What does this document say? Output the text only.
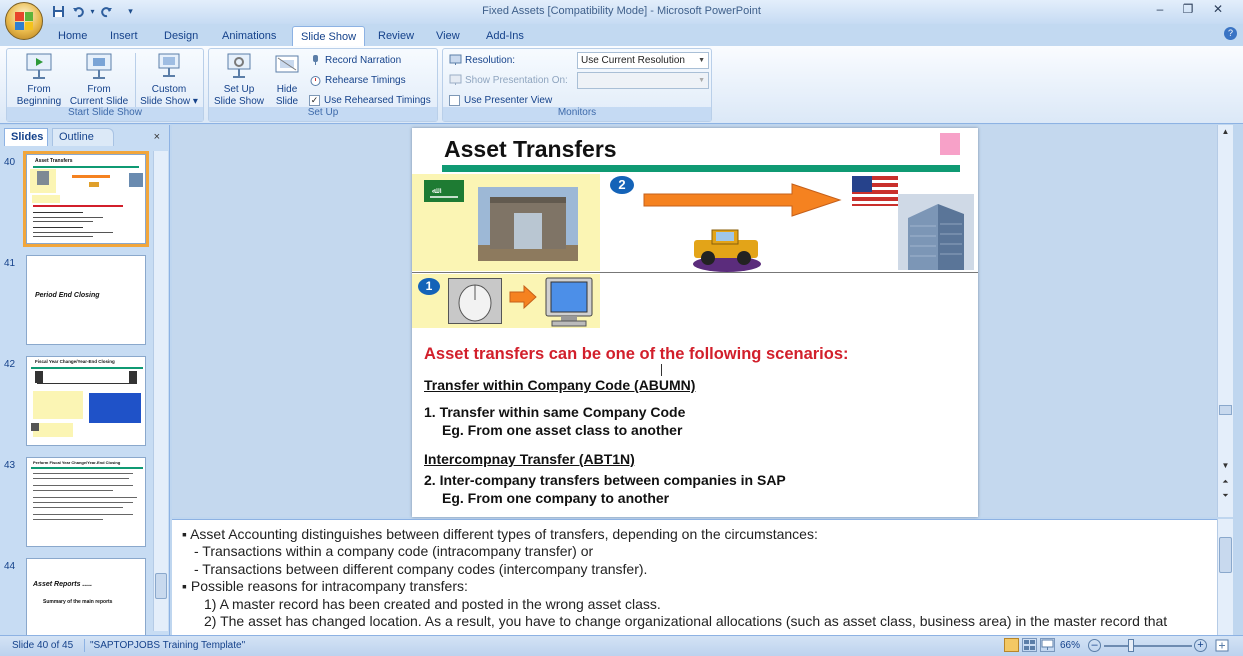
Fixed Assets [Compatibility Mode] - Microsoft PowerPoint
▾	▾	–	❐	✕
Home	Insert	Design	Animations	Slide Show	Review	View	Add-Ins	?
From
Beginning
From
Current Slide
Custom
Slide Show ▾
Start Slide Show
Set Up
Slide Show
Hide
Slide
Record Narration
Rehearse Timings
✓ Use Rehearsed Timings
Set Up
Resolution:	Use Current Resolution ▼
Show Presentation On:	▼
Use Presenter View
Monitors
Slides	Outline	×
40	Asset Transfers
41
Period End Closing
42	Fiscal Year Change/Year-End Closing
43	Perform Fiscal Year Change/Year-End Closing
44
Asset Reports .....
Summary of the main reports
Asset Transfers
ﷲ	2
1
Asset transfers can be one of the following scenarios:
Transfer within Company Code (ABUMN)
1. Transfer within same Company Code
Eg. From one asset class to another
Intercompnay Transfer (ABT1N)
2. Inter-company transfers between companies in SAP
Eg. From one company to another
▲
▼
⏶
⏷
▪ Asset Accounting distinguishes between different types of transfers, depending on the circumstances:
- Transactions within a company code (intracompany transfer) or
- Transactions between different company codes (intercompany transfer).
▪ Possible reasons for intracompany transfers:
1) A master record has been created and posted in the wrong asset class.
2) The asset has changed location. As a result, you have to change organizational allocations (such as asset class, business area) in the master record that
Slide 40 of 45 "SAPTOPJOBS Training Template"	66%	–	+
